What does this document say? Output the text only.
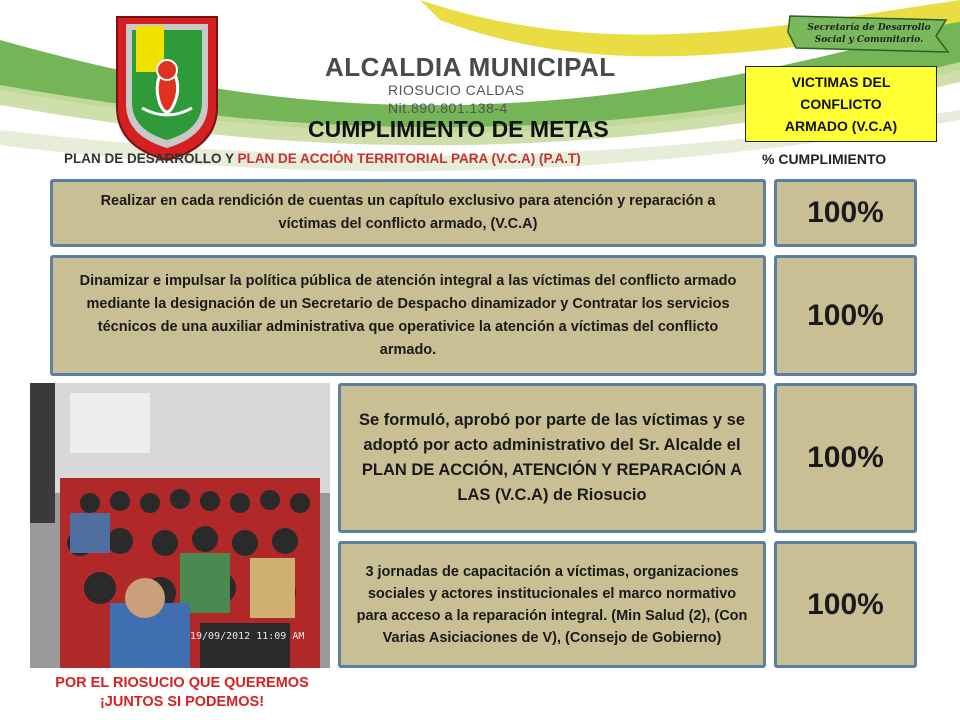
ALCALDIA MUNICIPAL
RIOSUCIO CALDAS
Nit.890.801.138-4
Secretaría de Desarrollo
Social y Comunitario.
VICTIMAS DEL
CONFLICTO
ARMADO (V.C.A)
CUMPLIMIENTO DE METAS
PLAN DE DESARROLLO Y PLAN DE ACCIÓN TERRITORIAL PARA (V.C.A) (P.A.T)	% CUMPLIMIENTO
Realizar en cada rendición de cuentas un capítulo exclusivo para atención y reparación a víctimas del conflicto armado, (V.C.A)	100%
Dinamizar e impulsar la política pública de atención integral a las víctimas del conflicto armado mediante la designación de un Secretario de Despacho dinamizador y Contratar los servicios técnicos de una auxiliar administrativa que operativice la atención a víctimas del conflicto armado.
100%
19/09/2012 11:09 AM
Se formuló, aprobó por parte de las víctimas y se adoptó por acto administrativo del Sr. Alcalde el PLAN DE ACCIÓN, ATENCIÓN Y REPARACIÓN A LAS (V.C.A) de Riosucio
100%
3 jornadas de capacitación a víctimas, organizaciones sociales y actores institucionales el marco normativo para acceso a la reparación integral. (Min Salud (2), (Con Varias Asiciaciones de V), (Consejo de Gobierno)
100%
POR EL RIOSUCIO QUE QUEREMOS
¡JUNTOS SI PODEMOS!
